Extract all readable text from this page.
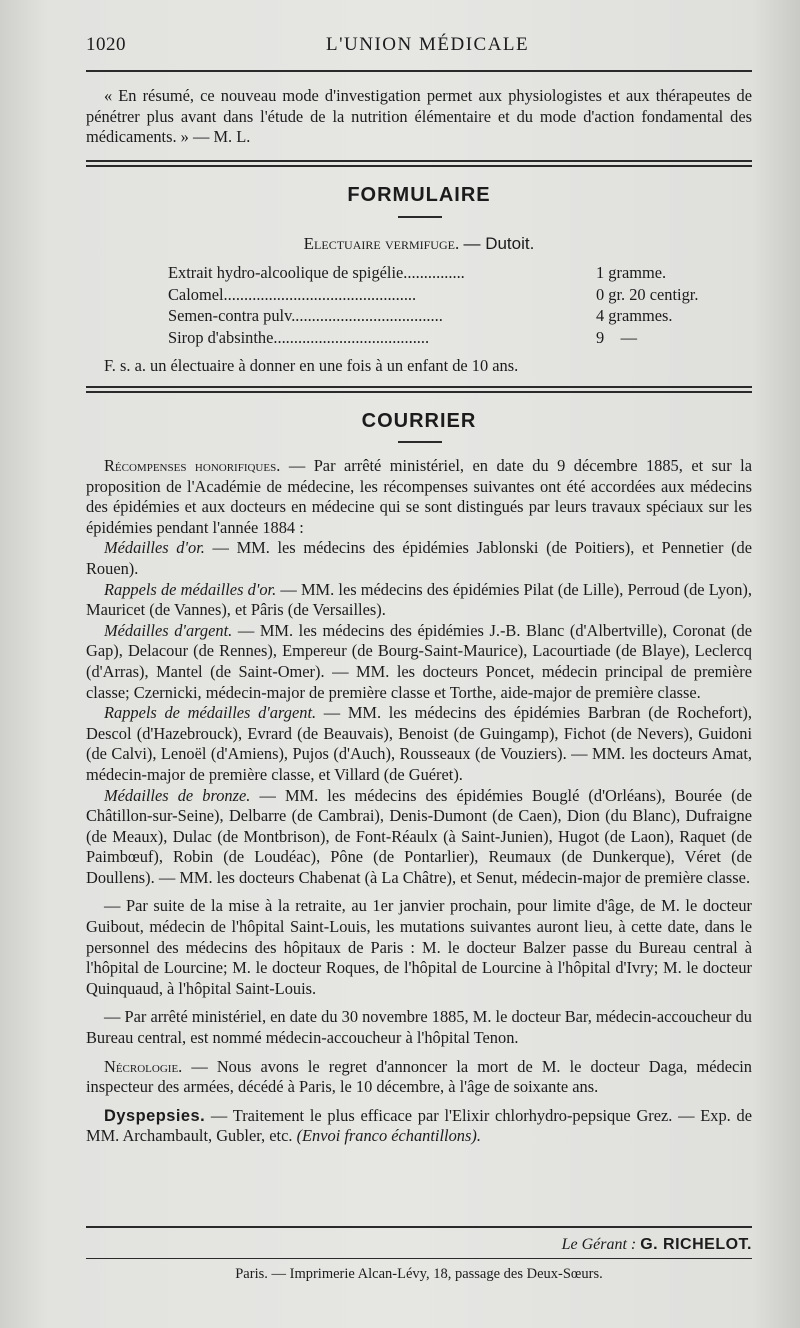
1020	L'UNION MÉDICALE

« En résumé, ce nouveau mode d'investigation permet aux physiologistes et aux thérapeutes de pénétrer plus avant dans l'étude de la nutrition élémentaire et du mode d'action fondamental des médicaments. » — M. L.

FORMULAIRE
Electuaire vermifuge. — Dutoit.
Extrait hydro-alcoolique de spigélie...............	1 gramme.
Calomel...............................................	0 gr. 20 centigr.
Semen-contra pulv.....................................	4 grammes.
Sirop d'absinthe......................................	9    —

F. s. a. un électuaire à donner en une fois à un enfant de 10 ans.

COURRIER

Récompenses honorifiques. — Par arrêté ministériel, en date du 9 décembre 1885, et sur la proposition de l'Académie de médecine, les récompenses suivantes ont été accordées aux médecins des épidémies et aux docteurs en médecine qui se sont distingués par leurs travaux spéciaux sur les épidémies pendant l'année 1884 :

Médailles d'or. — MM. les médecins des épidémies Jablonski (de Poitiers), et Pennetier (de Rouen).

Rappels de médailles d'or. — MM. les médecins des épidémies Pilat (de Lille), Perroud (de Lyon), Mauricet (de Vannes), et Pâris (de Versailles).

Médailles d'argent. — MM. les médecins des épidémies J.-B. Blanc (d'Albertville), Coronat (de Gap), Delacour (de Rennes), Empereur (de Bourg-Saint-Maurice), Lacourtiade (de Blaye), Leclercq (d'Arras), Mantel (de Saint-Omer). — MM. les docteurs Poncet, médecin principal de première classe; Czernicki, médecin-major de première classe et Torthe, aide-major de première classe.

Rappels de médailles d'argent. — MM. les médecins des épidémies Barbran (de Rochefort), Descol (d'Hazebrouck), Evrard (de Beauvais), Benoist (de Guingamp), Fichot (de Nevers), Guidoni (de Calvi), Lenoël (d'Amiens), Pujos (d'Auch), Rousseaux (de Vouziers). — MM. les docteurs Amat, médecin-major de première classe, et Villard (de Guéret).

Médailles de bronze. — MM. les médecins des épidémies Bouglé (d'Orléans), Bourée (de Châtillon-sur-Seine), Delbarre (de Cambrai), Denis-Dumont (de Caen), Dion (du Blanc), Dufraigne (de Meaux), Dulac (de Montbrison), de Font-Réaulx (à Saint-Junien), Hugot (de Laon), Raquet (de Paimbœuf), Robin (de Loudéac), Pône (de Pontarlier), Reumaux (de Dunkerque), Véret (de Doullens). — MM. les docteurs Chabenat (à La Châtre), et Senut, médecin-major de première classe.

— Par suite de la mise à la retraite, au 1er janvier prochain, pour limite d'âge, de M. le docteur Guibout, médecin de l'hôpital Saint-Louis, les mutations suivantes auront lieu, à cette date, dans le personnel des médecins des hôpitaux de Paris : M. le docteur Balzer passe du Bureau central à l'hôpital de Lourcine; M. le docteur Roques, de l'hôpital de Lourcine à l'hôpital d'Ivry; M. le docteur Quinquaud, à l'hôpital Saint-Louis.

— Par arrêté ministériel, en date du 30 novembre 1885, M. le docteur Bar, médecin-accoucheur du Bureau central, est nommé médecin-accoucheur à l'hôpital Tenon.

Nécrologie. — Nous avons le regret d'annoncer la mort de M. le docteur Daga, médecin inspecteur des armées, décédé à Paris, le 10 décembre, à l'âge de soixante ans.

Dyspepsies. — Traitement le plus efficace par l'Elixir chlorhydro-pepsique Grez. — Exp. de MM. Archambault, Gubler, etc. (Envoi franco échantillons).

Le Gérant : G. RICHELOT.
Paris. — Imprimerie Alcan-Lévy, 18, passage des Deux-Sœurs.
